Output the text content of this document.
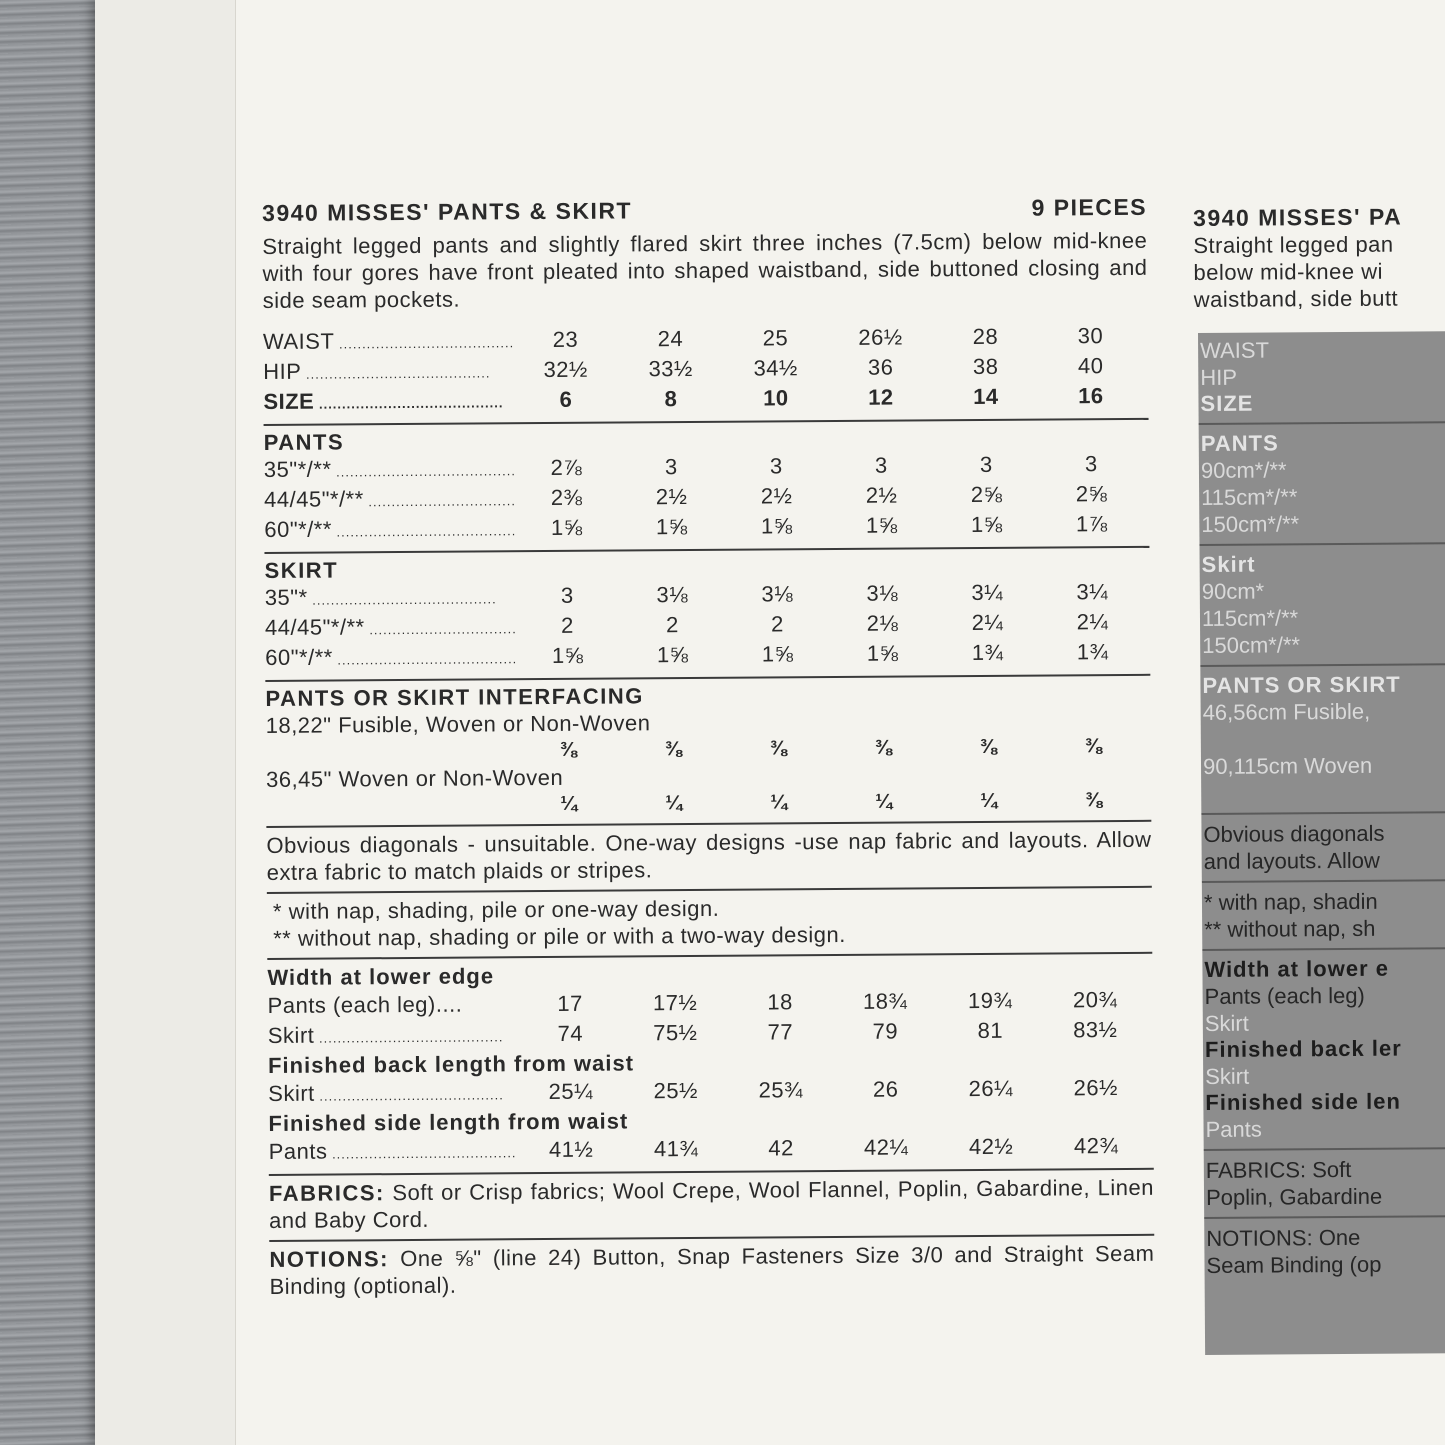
3940 MISSES' PANTS & SKIRT	9 PIECES
Straight legged pants and slightly flared skirt three inches (7.5cm) below mid-knee with four gores have front pleated into shaped waistband, side buttoned closing and side seam pockets.
WAIST .....	23	24	25	26½	28	30
HIP .....	32½	33½	34½	36	38	40
SIZE .....	6	8	10	12	14	16
PANTS
35"*/** .....	2⅞	3	3	3	3	3
44/45"*/** .....	2⅜	2½	2½	2½	2⅝	2⅝
60"*/** .....	1⅝	1⅝	1⅝	1⅝	1⅝	1⅞
SKIRT
35"* .....	3	3⅛	3⅛	3⅛	3¼	3¼
44/45"*/** .....	2	2	2	2⅛	2¼	2¼
60"*/** .....	1⅝	1⅝	1⅝	1⅝	1¾	1¾
PANTS OR SKIRT INTERFACING
18,22" Fusible, Woven or Non-Woven
⅜	⅜	⅜	⅜	⅜	⅜
36,45" Woven or Non-Woven
¼	¼	¼	¼	¼	⅜
Obvious diagonals - unsuitable. One-way designs -use nap fabric and layouts. Allow extra fabric to match plaids or stripes.
* with nap, shading, pile or one-way design.
** without nap, shading or pile or with a two-way design.
Width at lower edge
Pants (each leg)....	17	17½	18	18¾	19¾	20¾
Skirt .....	74	75½	77	79	81	83½
Finished back length from waist
Skirt .....	25¼	25½	25¾	26	26¼	26½
Finished side length from waist
Pants .....	41½	41¾	42	42¼	42½	42¾
FABRICS: Soft or Crisp fabrics; Wool Crepe, Wool Flannel, Poplin, Gabardine, Linen and Baby Cord.
NOTIONS: One ⅝" (line 24) Button, Snap Fasteners Size 3/0 and Straight Seam Binding (optional).
3940 MISSES' PA
Straight legged pan
below mid-knee wi
waistband, side butt
WAIST
HIP
SIZE
PANTS
90cm*/**
115cm*/**
150cm*/**
Skirt
90cm*
115cm*/**
150cm*/**
PANTS OR SKIRT
46,56cm Fusible,
90,115cm Woven
Obvious diagonals
and layouts. Allow
* with nap, shadin
** without nap, sh
Width at lower e
Pants (each leg)
Skirt
Finished back ler
Skirt
Finished side len
Pants
FABRICS: Soft
Poplin, Gabardine
NOTIONS: One
Seam Binding (op
